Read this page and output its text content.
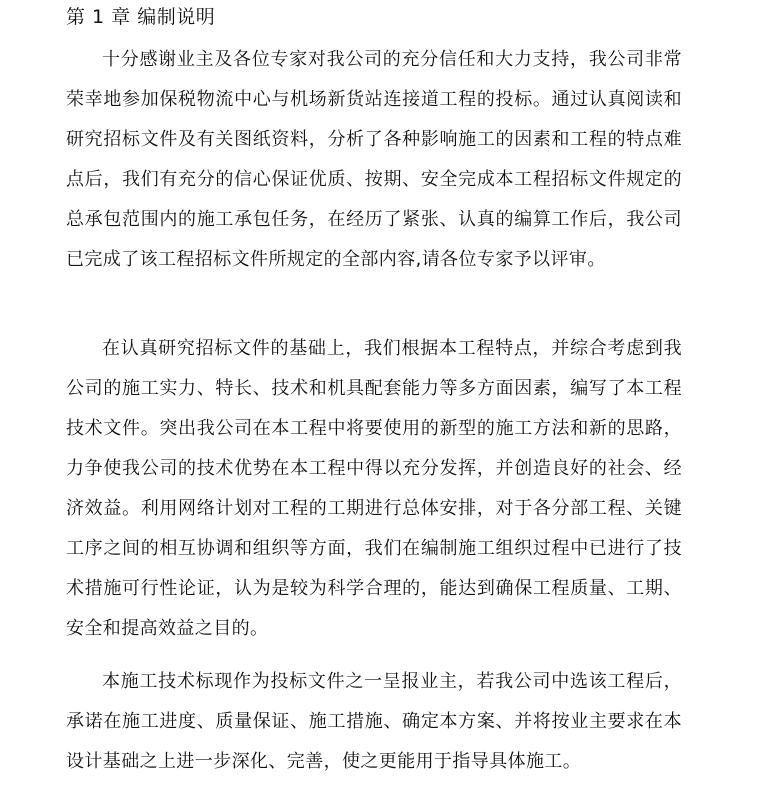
第 1 章 编制说明

十分感谢业主及各位专家对我公司的充分信任和大力支持，我公司非常荣幸地参加保税物流中心与机场新货站连接道工程的投标。通过认真阅读和研究招标文件及有关图纸资料，分析了各种影响施工的因素和工程的特点难点后，我们有充分的信心保证优质、按期、安全完成本工程招标文件规定的总承包范围内的施工承包任务，在经历了紧张、认真的编算工作后，我公司已完成了该工程招标文件所规定的全部内容,请各位专家予以评审。

在认真研究招标文件的基础上，我们根据本工程特点，并综合考虑到我公司的施工实力、特长、技术和机具配套能力等多方面因素，编写了本工程技术文件。突出我公司在本工程中将要使用的新型的施工方法和新的思路，力争使我公司的技术优势在本工程中得以充分发挥，并创造良好的社会、经济效益。利用网络计划对工程的工期进行总体安排，对于各分部工程、关键工序之间的相互协调和组织等方面，我们在编制施工组织过程中已进行了技术措施可行性论证，认为是较为科学合理的，能达到确保工程质量、工期、安全和提高效益之目的。

本施工技术标现作为投标文件之一呈报业主，若我公司中选该工程后，承诺在施工进度、质量保证、施工措施、确定本方案、并将按业主要求在本设计基础之上进一步深化、完善，使之更能用于指导具体施工。
